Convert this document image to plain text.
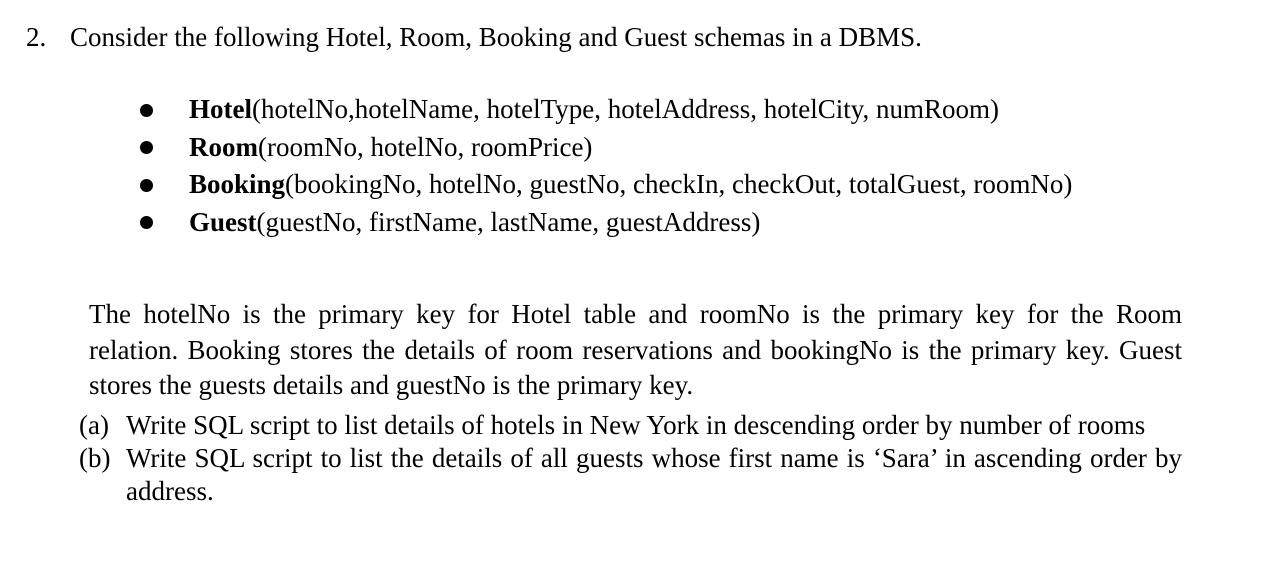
2. Consider the following Hotel, Room, Booking and Guest schemas in a DBMS.
Hotel(hotelNo,hotelName, hotelType, hotelAddress, hotelCity, numRoom)
Room(roomNo, hotelNo, roomPrice)
Booking(bookingNo, hotelNo, guestNo, checkIn, checkOut, totalGuest, roomNo)
Guest(guestNo, firstName, lastName, guestAddress)

The hotelNo is the primary key for Hotel table and roomNo is the primary key for the Room relation. Booking stores the details of room reservations and bookingNo is the primary key. Guest stores the guests details and guestNo is the primary key.

(a) Write SQL script to list details of hotels in New York in descending order by number of rooms
(b) Write SQL script to list the details of all guests whose first name is ‘Sara’ in ascending order by address.
